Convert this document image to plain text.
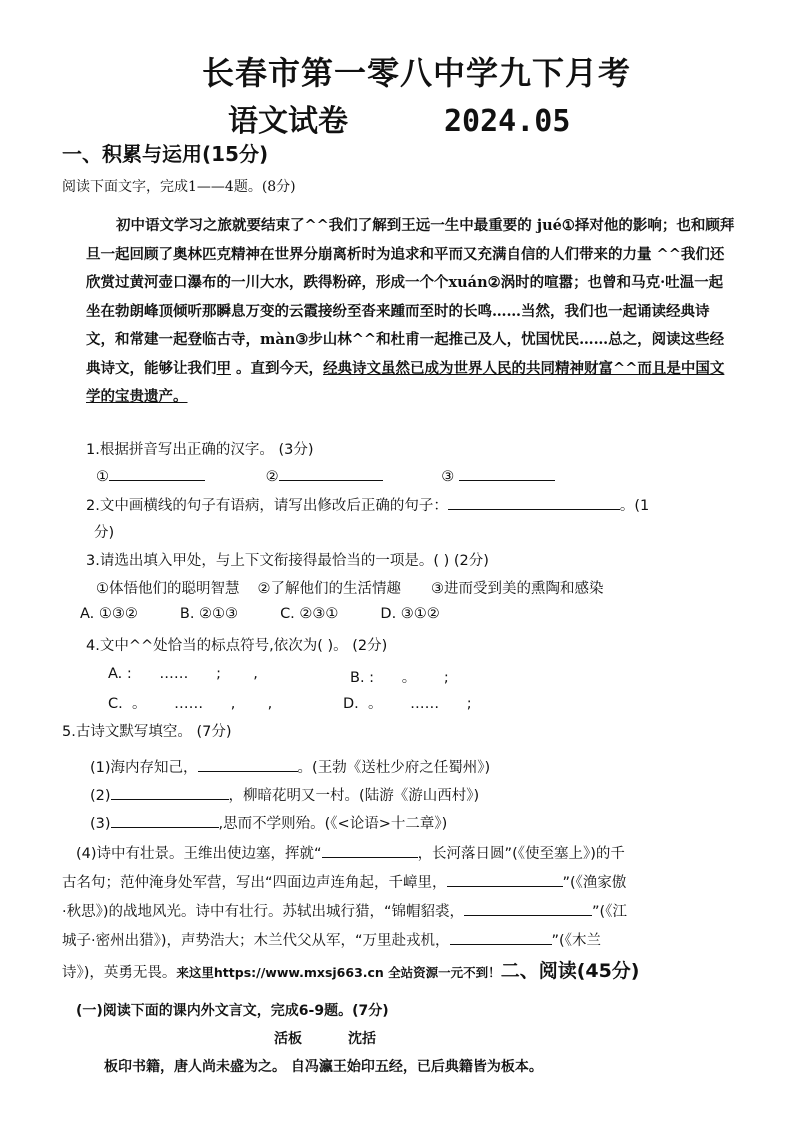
长春市第一零八中学九下月考
语文试卷	2024.05
一、积累与运用(15分)
阅读下面文字，完成1——4题。(8分)
初中语文学习之旅就要结束了^^我们了解到王远一生中最重要的 jué①择对他的影响；也和顾拜旦一起回顾了奥林匹克精神在世界分崩离析时为追求和平而又充满自信的人们带来的力量 ^^我们还欣赏过黄河壶口瀑布的一川大水，跌得粉碎，形成一个个xuán②涡时的喧嚣；也曾和马克·吐温一起坐在勃朗峰顶倾听那瞬息万变的云霞接纷至沓来踵而至时的长鸣……当然，我们也一起诵读经典诗文，和常建一起登临古寺，màn③步山林^^和杜甫一起推己及人，忧国忧民……总之，阅读这些经典诗文，能够让我们甲 。直到今天，经典诗文虽然已成为世界人民的共同精神财富^^而且是中国文学的宝贵遗产。
1.根据拼音写出正确的汉字。 (3分)
①	②	③
2.文中画横线的句子有语病，请写出修改后正确的句子：	。(1
分)
3.请选出填入甲处，与上下文衔接得最恰当的一项是。( ) (2分)
①体悟他们的聪明智慧 ②了解他们的生活情趣 ③进而受到美的熏陶和感染
A. ①③②	B. ②①③	C. ②③①	D. ③①②
4.文中^^处恰当的标点符号,依次为( )。 (2分)
A. :      ……      ;       ,	B. :      。      ;
C.  。      ……      ,       ,	D.  。      ……      ;
5.古诗文默写填空。 (7分)
(1)海内存知己，	。(王勃《送杜少府之任蜀州》)
(2)	，柳暗花明又一村。(陆游《游山西村》)
(3)	,思而不学则殆。(《<论语>十二章》)
(4)诗中有壮景。王维出使边塞，挥就“	，长河落日圆”(《使至塞上》)的千
古名句；范仲淹身处军营，写出“四面边声连角起，千嶂里，	”(《渔家傲
·秋思》)的战地风光。诗中有壮行。苏轼出城行猎，“锦帽貂裘，	”(《江
城子·密州出猎》)，声势浩大；木兰代父从军，“万里赴戎机，	”(《木兰
诗》)，英勇无畏。来这里https://www.mxsj663.cn 全站资源一元不到！二、阅读(45分)
(一)阅读下面的课内外文言文，完成6-9题。(7分)
活板	沈括
板印书籍，唐人尚未盛为之。 自冯瀛王始印五经，已后典籍皆为板本。
